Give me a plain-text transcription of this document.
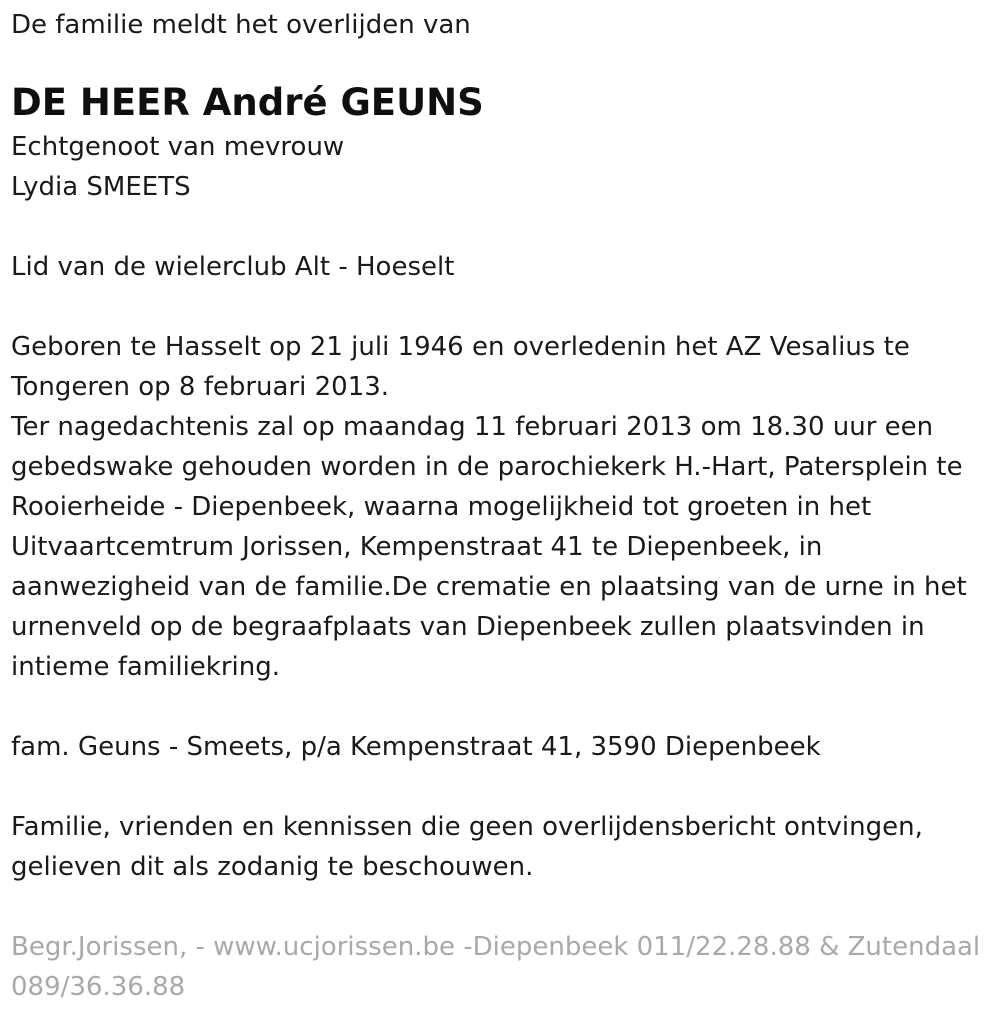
De familie meldt het overlijden van

DE HEER André GEUNS

Echtgenoot van mevrouw

Lydia SMEETS

Lid van de wielerclub Alt - Hoeselt

Geboren te Hasselt op 21 juli 1946 en overledenin het AZ Vesalius te

Tongeren op 8 februari 2013.

Ter nagedachtenis zal op maandag 11 februari 2013 om 18.30 uur een

gebedswake gehouden worden in de parochiekerk H.-Hart, Patersplein te

Rooierheide - Diepenbeek, waarna mogelijkheid tot groeten in het

Uitvaartcemtrum Jorissen, Kempenstraat 41 te Diepenbeek, in

aanwezigheid van de familie.De crematie en plaatsing van de urne in het

urnenveld op de begraafplaats van Diepenbeek zullen plaatsvinden in

intieme familiekring.

fam. Geuns - Smeets, p/a Kempenstraat 41, 3590 Diepenbeek

Familie, vrienden en kennissen die geen overlijdensbericht ontvingen,

gelieven dit als zodanig te beschouwen.

Begr.Jorissen, - www.ucjorissen.be -Diepenbeek 011/22.28.88 & Zutendaal

089/36.36.88
